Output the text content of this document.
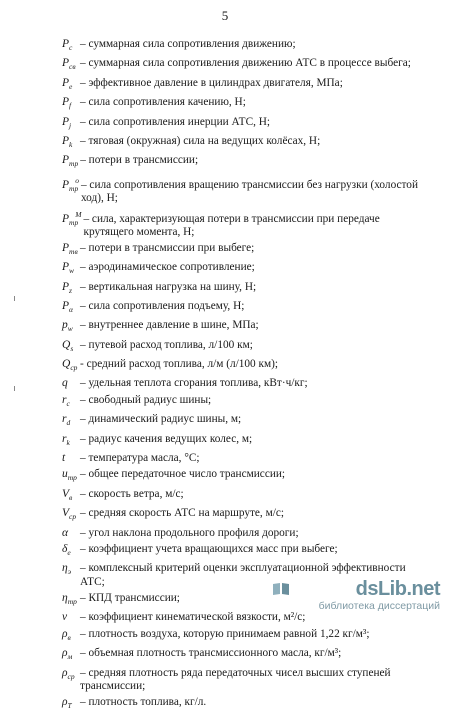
5
$P_c$ – суммарная сила сопротивления движению;
$P_{cв}$ – суммарная сила сопротивления движению АТС в процессе выбега;
$P_e$ – эффективное давление в цилиндрах двигателя, МПа;
$P_f$ – сила сопротивления качению, Н;
$P_j$ – сила сопротивления инерции АТС, Н;
$P_k$ – тяговая (окружная) сила на ведущих колёсах, Н;
$P_{тр}$ – потери в трансмиссии;
$P_{тр}^o$ – сила сопротивления вращению трансмиссии без нагрузки (холостой ход), Н;
$P_{тр}^M$ – сила, характеризующая потери в трансмиссии при передаче крутящего момента, Н;
$P_{тв}$ – потери в трансмиссии при выбеге;
$P_w$ – аэродинамическое сопротивление;
$P_z$ – вертикальная нагрузка на шину, Н;
$P_\alpha$ – сила сопротивления подъему, Н;
$p_w$ – внутреннее давление в шине, МПа;
$Q_s$ – путевой расход топлива, л/100 км;
$Q_{ср}$ - средний расход топлива, л/м (л/100 км);
q	– удельная теплота сгорания топлива, кВт·ч/кг;
$r_c$ – свободный радиус шины;
$r_d$ – динамический радиус шины, м;
$r_k$ – радиус качения ведущих колес, м;
t	– температура масла, °С;
$u_{тр}$ – общее передаточное число трансмиссии;
$V_в$ – скорость ветра, м/с;
$V_{ср}$ – средняя скорость АТС на маршруте, м/с;
α	– угол наклона продольного профиля дороги;
$\delta_e$ – коэффициент учета вращающихся масс при выбеге;
$\eta_э$ – комплексный критерий оценки эксплуатационной эффективности АТС;
$\eta_{тр}$ – КПД трансмиссии;
ν	– коэффициент кинематической вязкости, м²/с;
$\rho_в$ – плотность воздуха, которую принимаем равной 1,22 кг/м³;
$\rho_м$ – объемная плотность трансмиссионного масла, кг/м³;
$\rho_{ср}$ – средняя плотность ряда передаточных чисел высших ступеней трансмиссии;
$\rho_Т$ – плотность топлива, кг/л.
dsLib.net
библиотека диссертаций
